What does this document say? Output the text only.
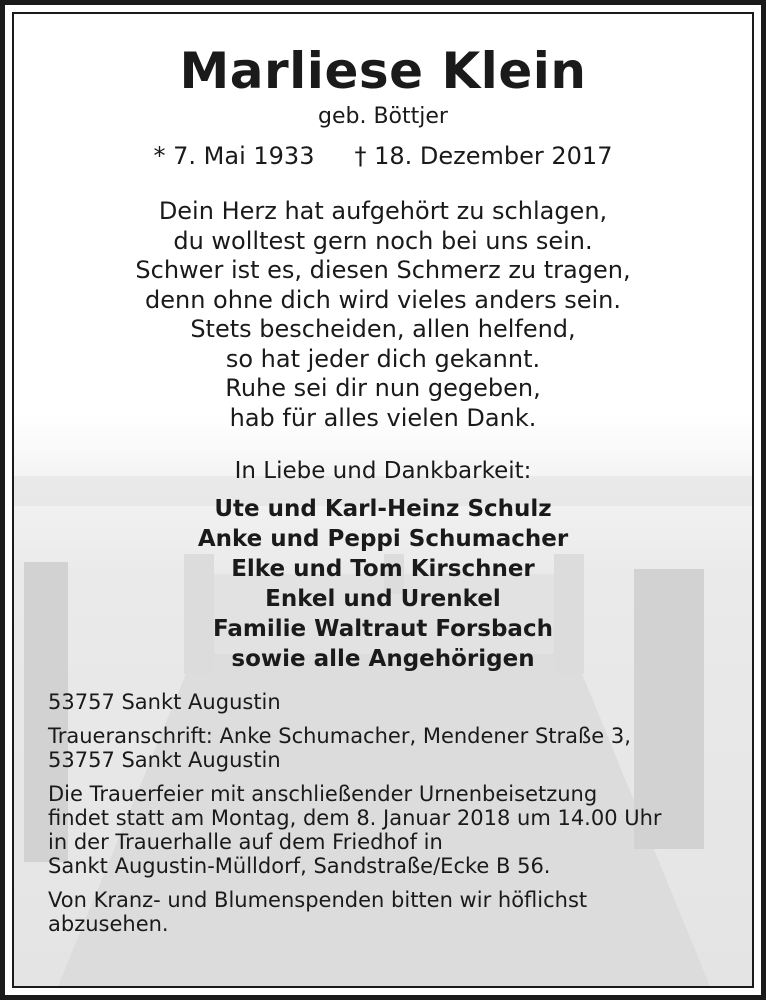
Marliese Klein
geb. Böttjer
* 7. Mai 1933 † 18. Dezember 2017
Dein Herz hat aufgehört zu schlagen,
du wolltest gern noch bei uns sein.
Schwer ist es, diesen Schmerz zu tragen,
denn ohne dich wird vieles anders sein.
Stets bescheiden, allen helfend,
so hat jeder dich gekannt.
Ruhe sei dir nun gegeben,
hab für alles vielen Dank.
In Liebe und Dankbarkeit:
Ute und Karl-Heinz Schulz
Anke und Peppi Schumacher
Elke und Tom Kirschner
Enkel und Urenkel
Familie Waltraut Forsbach
sowie alle Angehörigen
53757 Sankt Augustin
Traueranschrift: Anke Schumacher, Mendener Straße 3,
53757 Sankt Augustin
Die Trauerfeier mit anschließender Urnenbeisetzung
findet statt am Montag, dem 8. Januar 2018 um 14.00 Uhr
in der Trauerhalle auf dem Friedhof in
Sankt Augustin-Mülldorf, Sandstraße/Ecke B 56.
Von Kranz- und Blumenspenden bitten wir höflichst
abzusehen.
